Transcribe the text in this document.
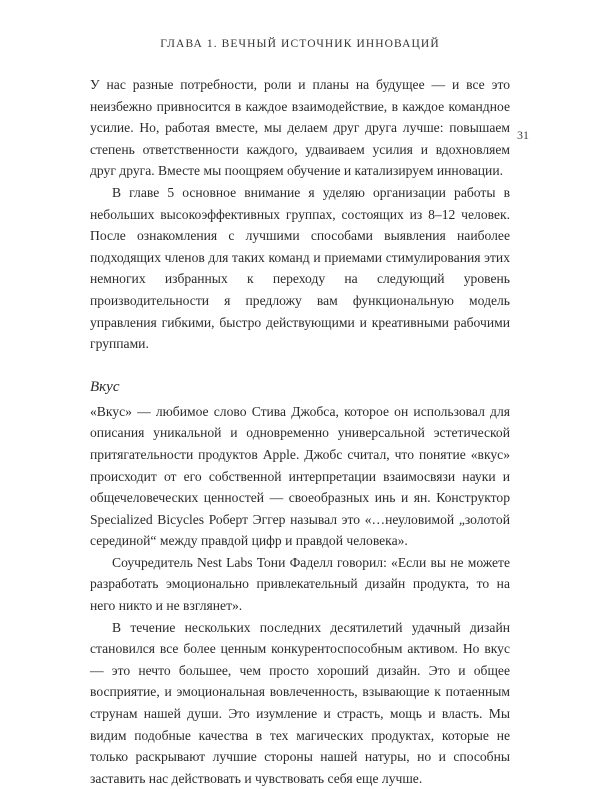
ГЛАВА 1. ВЕЧНЫЙ ИСТОЧНИК ИННОВАЦИЙ
31

У нас разные потребности, роли и планы на будущее — и все это неизбежно привносится в каждое взаимодействие, в каждое командное усилие. Но, работая вместе, мы делаем друг друга лучше: повышаем степень ответственности каждого, удваиваем усилия и вдохновляем друг друга. Вместе мы поощряем обучение и катализируем инновации.

В главе 5 основное внимание я уделяю организации работы в небольших высокоэффективных группах, состоящих из 8–12 человек. После ознакомления с лучшими способами выявления наиболее подходящих членов для таких команд и приемами стимулирования этих немногих избранных к переходу на следующий уровень производительности я предложу вам функциональную модель управления гибкими, быстро действующими и креативными рабочими группами.

Вкус

«Вкус» — любимое слово Стива Джобса, которое он использовал для описания уникальной и одновременно универсальной эстетической притягательности продуктов Apple. Джобс считал, что понятие «вкус» происходит от его собственной интерпретации взаимосвязи науки и общечеловеческих ценностей — своеобразных инь и ян. Конструктор Specialized Bicycles Роберт Эггер называл это «…неуловимой „золотой серединой“ между правдой цифр и правдой человека».

Соучредитель Nest Labs Тони Фаделл говорил: «Если вы не можете разработать эмоционально привлекательный дизайн продукта, то на него никто и не взглянет».

В течение нескольких последних десятилетий удачный дизайн становился все более ценным конкурентоспособным активом. Но вкус — это нечто большее, чем просто хороший дизайн. Это и общее восприятие, и эмоциональная вовлеченность, взывающие к потаенным струнам нашей души. Это изумление и страсть, мощь и власть. Мы видим подобные качества в тех магических продуктах, которые не только раскрывают лучшие стороны нашей натуры, но и способны заставить нас действовать и чувствовать себя еще лучше.
